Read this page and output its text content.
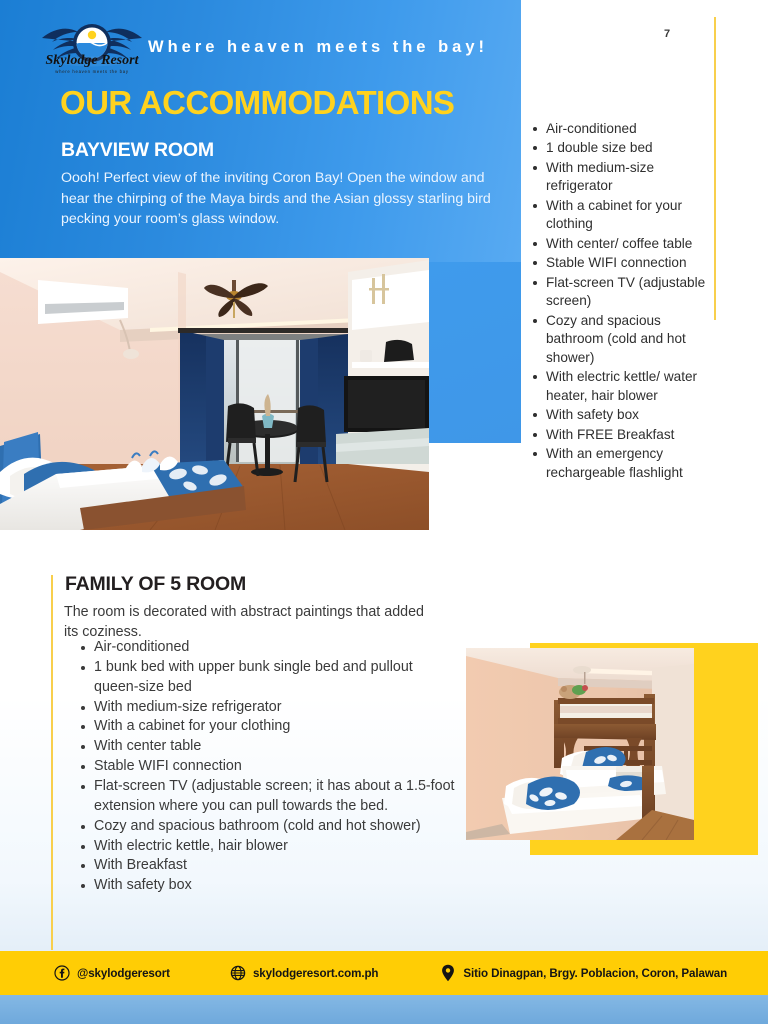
Skylodge Resort
where heaven meets the bay
Where heaven meets the bay!
OUR ACCOMMODATIONS
BAYVIEW ROOM
Oooh! Perfect view of the inviting Coron Bay! Open the window and hear the chirping of the Maya birds and the Asian glossy starling bird pecking your room’s glass window.
7
Air-conditioned
1 double size bed
With medium-size refrigerator
With a cabinet for your clothing
With center/ coffee table
Stable WIFI connection
Flat-screen TV (adjustable screen)
Cozy and spacious bathroom (cold and hot shower)
With electric kettle/ water heater, hair blower
With safety box
With FREE Breakfast
With an emergency rechargeable flashlight
FAMILY OF 5 ROOM
The room is decorated with abstract paintings that added its coziness.
Air-conditioned
1 bunk bed with upper bunk single bed and pullout queen-size bed
With medium-size refrigerator
With a cabinet for your clothing
With center table
Stable WIFI connection
Flat-screen TV (adjustable screen; it has about a 1.5-foot extension where you can pull towards the bed.
Cozy and spacious bathroom (cold and hot shower)
With electric kettle, hair blower
With Breakfast
With safety box
@skylodgeresort	skylodgeresort.com.ph	Sitio Dinagpan, Brgy. Poblacion, Coron, Palawan
